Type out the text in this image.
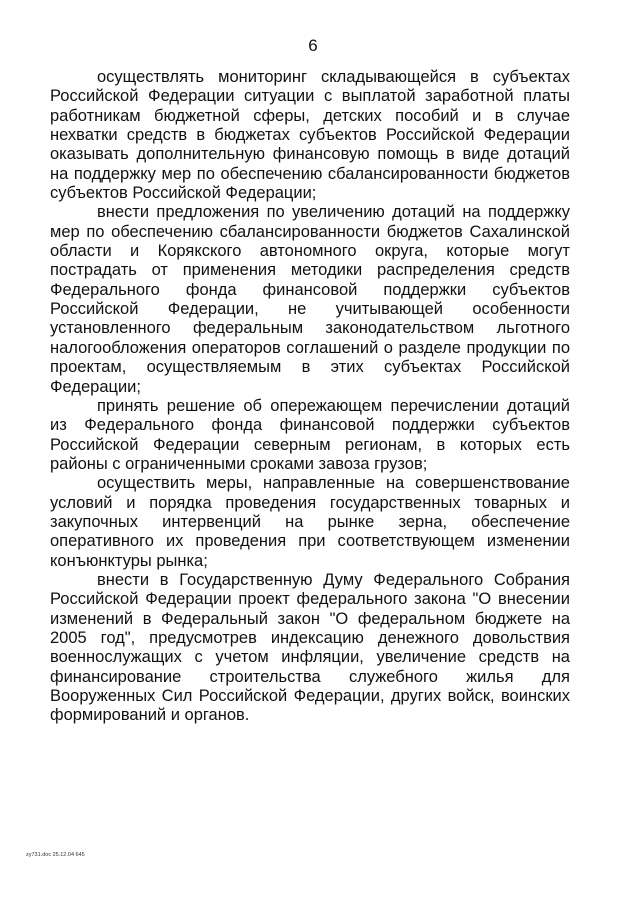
6

осуществлять мониторинг складывающейся в субъектах Российской Федерации ситуации с выплатой заработной платы работникам бюджетной сферы, детских пособий и в случае нехватки средств в бюджетах субъектов Российской Федерации оказывать дополнительную финансовую помощь в виде дотаций на поддержку мер по обеспечению сбалансированности бюджетов субъектов Российской Федерации;

внести предложения по увеличению дотаций на поддержку мер по обеспечению сбалансированности бюджетов Сахалинской области и Корякского автономного округа, которые могут пострадать от применения методики распределения средств Федерального фонда финансовой поддержки субъектов Российской Федерации, не учитывающей особенности установленного федеральным законодательством льготного налогообложения операторов соглашений о разделе продукции по проектам, осуществляемым в этих субъектах Российской Федерации;

принять решение об опережающем перечислении дотаций из Федерального фонда финансовой поддержки субъектов Российской Федерации северным регионам, в которых есть районы с ограниченными сроками завоза грузов;

осуществить меры, направленные на совершенствование условий и порядка проведения государственных товарных и закупочных интервенций на рынке зерна, обеспечение оперативного их проведения при соответствующем изменении конъюнктуры рынка;

внести в Государственную Думу Федерального Собрания Российской Федерации проект федерального закона "О внесении изменений в Федеральный закон "О федеральном бюджете на 2005 год", предусмотрев индексацию денежного довольствия военнослужащих с учетом инфляции, увеличение средств на финансирование строительства служебного жилья для Вооруженных Сил Российской Федерации, других войск, воинских формирований и органов.

zy731.doc 25.12.04 645
